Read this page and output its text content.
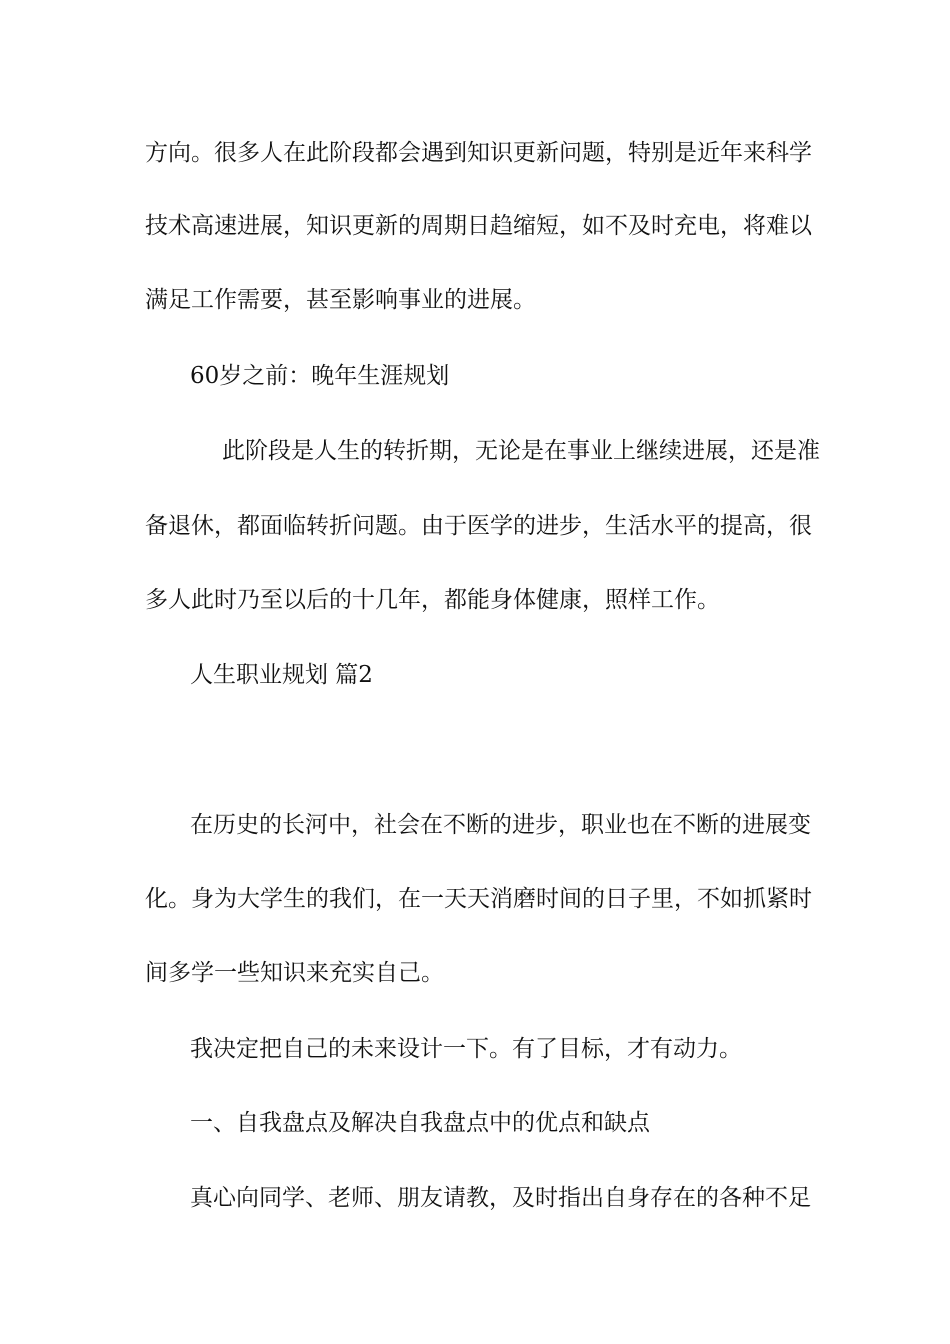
方向。很多人在此阶段都会遇到知识更新问题，特别是近年来科学
技术高速进展，知识更新的周期日趋缩短，如不及时充电，将难以
满足工作需要，甚至影响事业的进展。
60岁之前：晚年生涯规划
此阶段是人生的转折期，无论是在事业上继续进展，还是准
备退休，都面临转折问题。由于医学的进步，生活水平的提高，很
多人此时乃至以后的十几年，都能身体健康，照样工作。
人生职业规划 篇2
在历史的长河中，社会在不断的进步，职业也在不断的进展变
化。身为大学生的我们，在一天天消磨时间的日子里，不如抓紧时
间多学一些知识来充实自己。
我决定把自己的未来设计一下。有了目标，才有动力。
一、自我盘点及解决自我盘点中的优点和缺点
真心向同学、老师、朋友请教，及时指出自身存在的各种不足
